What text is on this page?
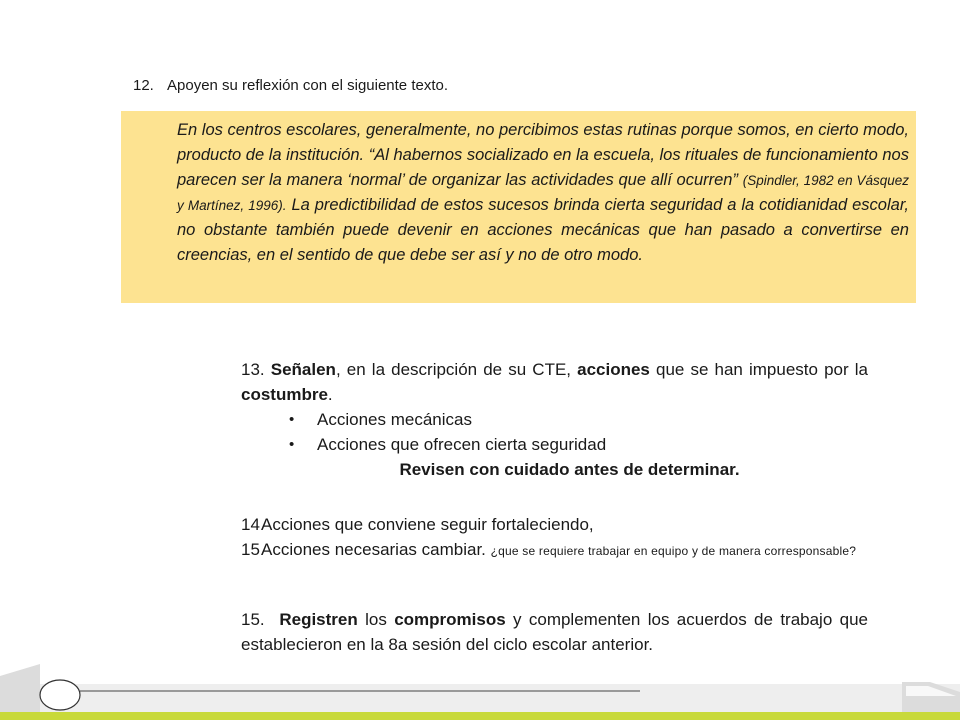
12. Apoyen su reflexión con el siguiente texto.

En los centros escolares, generalmente, no percibimos estas rutinas porque somos, en cierto modo, producto de la institución. “Al habernos socializado en la escuela, los rituales de funcionamiento nos parecen ser la manera ‘normal’ de organizar las actividades que allí ocurren” (Spindler, 1982 en Vásquez y Martínez, 1996). La predictibilidad de estos sucesos brinda cierta seguridad a la cotidianidad escolar, no obstante también puede devenir en acciones mecánicas que han pasado a convertirse en creencias, en el sentido de que debe ser así y no de otro modo.

13. Señalen, en la descripción de su CTE, acciones que se han impuesto por la costumbre.

• Acciones mecánicas
• Acciones que ofrecen cierta seguridad

Revisen con cuidado antes de determinar.

14 Acciones que conviene seguir fortaleciendo,
15 Acciones necesarias cambiar. ¿que se requiere trabajar en equipo y de manera corresponsable?
15. Registren los compromisos y complementen los acuerdos de trabajo que establecieron en la 8a sesión del ciclo escolar anterior.
